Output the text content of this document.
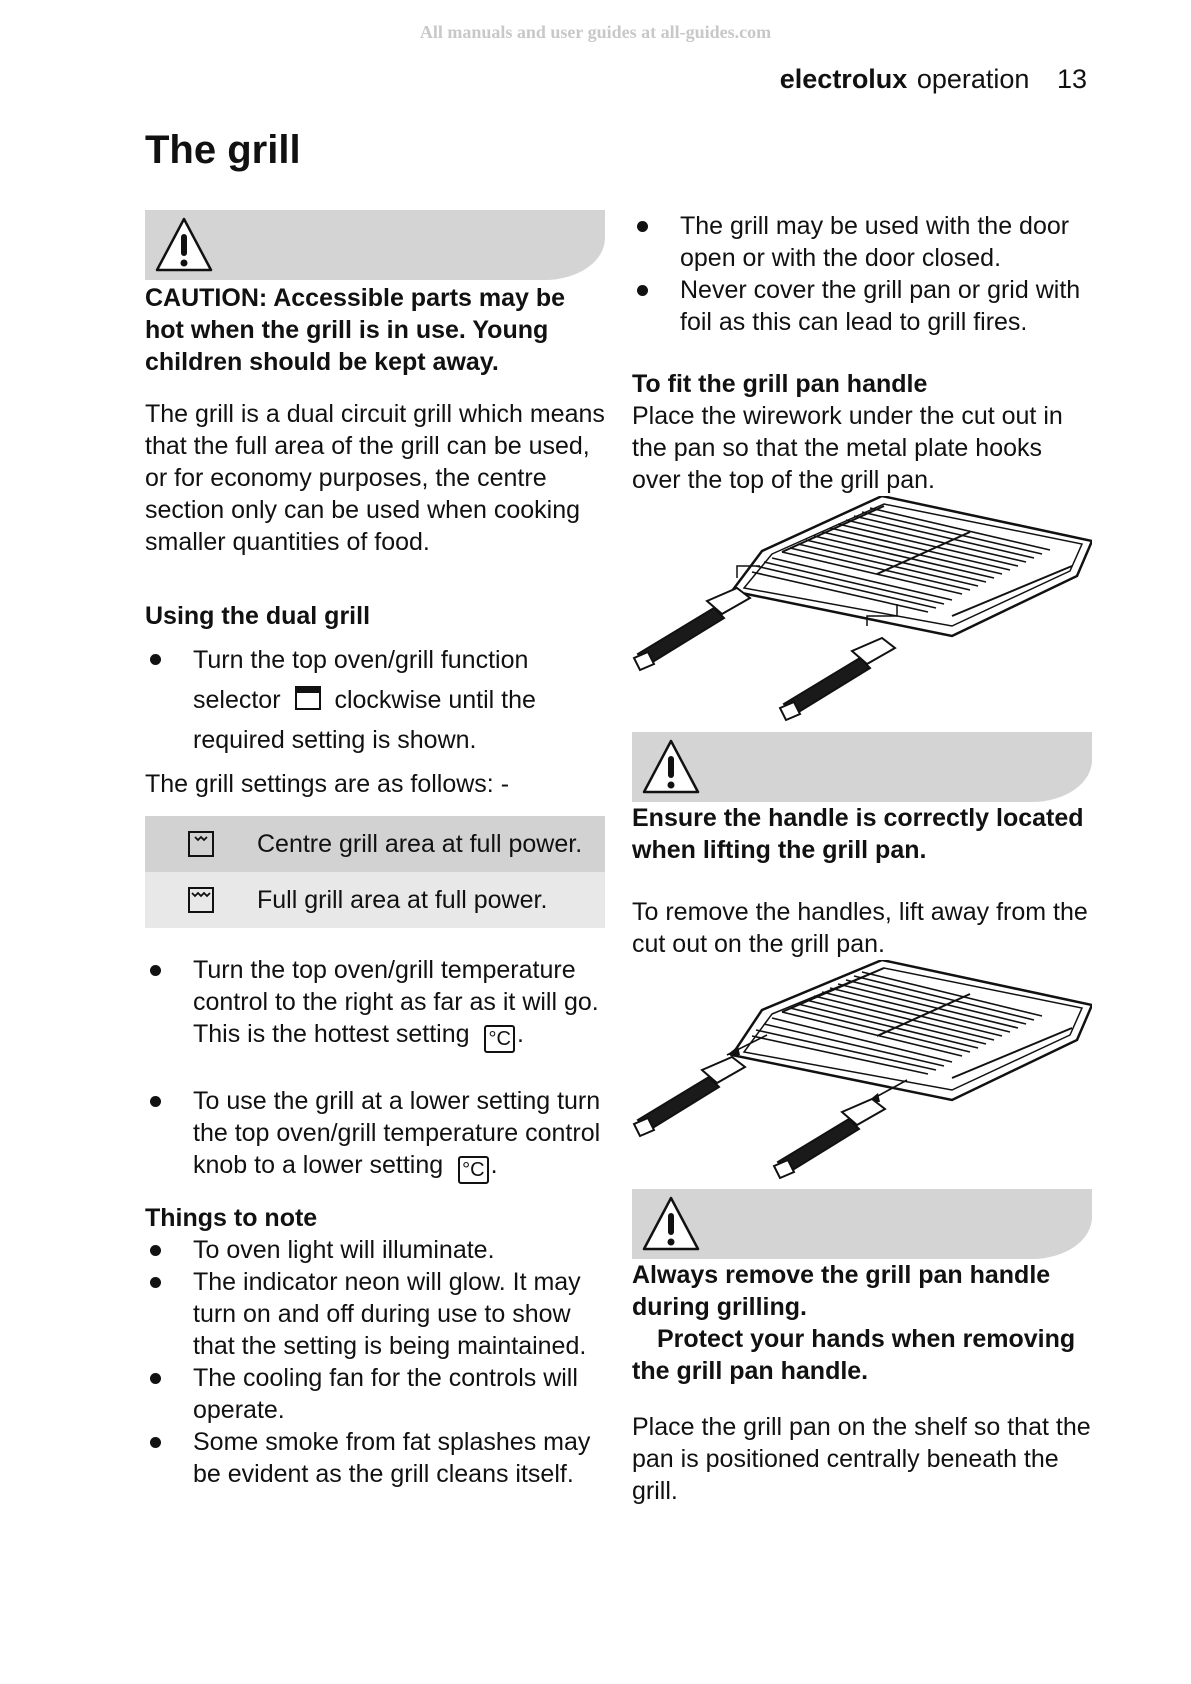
All manuals and user guides at all-guides.com
electrolux operation 13
The grill

CAUTION: Accessible parts may be hot when the grill is in use. Young children should be kept away.

The grill is a dual circuit grill which means that the full area of the grill can be used, or for economy purposes, the centre section only can be used when cooking smaller quantities of food.

Using the dual grill
Turn the top oven/grill function selector clockwise until the required setting is shown.

The grill settings are as follows: -

Centre grill area at full power.
Full grill area at full power.
Turn the top oven/grill temperature control to the right as far as it will go. This is the hottest setting °C .
To use the grill at a lower setting turn the top oven/grill temperature control knob to a lower setting °C .
Things to note
To oven light will illuminate.
The indicator neon will glow. It may turn on and off during use to show that the setting is being maintained.
The cooling fan for the controls will operate.
Some smoke from fat splashes may be evident as the grill cleans itself.
The grill may be used with the door open or with the door closed.
Never cover the grill pan or grid with foil as this can lead to grill fires.
To fit the grill pan handle

Place the wirework under the cut out in the pan so that the metal plate hooks over the top of the grill pan.

Ensure the handle is correctly located when lifting the grill pan.

To remove the handles, lift away from the cut out on the grill pan.

Always remove the grill pan handle during grilling.

Protect your hands when removing the grill pan handle.

Place the grill pan on the shelf so that the pan is positioned centrally beneath the grill.
